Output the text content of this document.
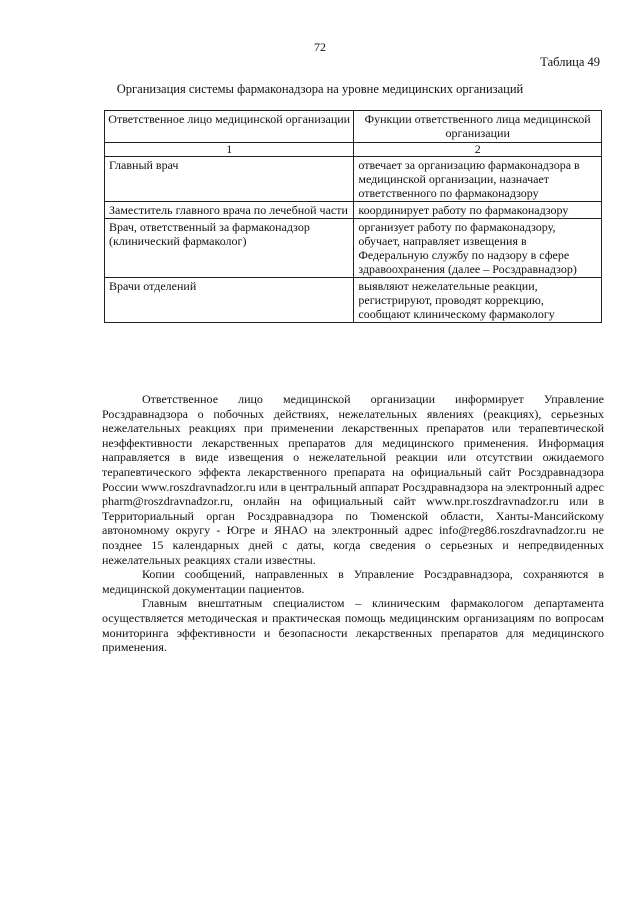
72
Таблица 49
Организация системы фармаконадзора на уровне медицинских организаций
Ответственное лицо медицинской организации	Функции ответственного лица медицинской организации
1	2
Главный врач	отвечает за организацию фармаконадзора в медицинской организации, назначает ответственного по фармаконадзору
Заместитель главного врача по лечебной части	координирует работу по фармаконадзору
Врач, ответственный за фармаконадзор (клинический фармаколог)	организует работу по фармаконадзору, обучает, направляет извещения в Федеральную службу по надзору в сфере здравоохранения (далее – Росздравнадзор)
Врачи отделений	выявляют нежелательные реакции, регистрируют, проводят коррекцию, сообщают клиническому фармакологу

Ответственное лицо медицинской организации информирует Управление Росздравнадзора о побочных действиях, нежелательных явлениях (реакциях), серьезных нежелательных реакциях при применении лекарственных препаратов или терапевтической неэффективности лекарственных препаратов для медицинского применения. Информация направляется в виде извещения о нежелательной реакции или отсутствии ожидаемого терапевтического эффекта лекарственного препарата на официальный сайт Росздравнадзора России www.roszdravnadzor.ru или в центральный аппарат Росздравнадзора на электронный адрес pharm@roszdravnadzor.ru, онлайн на официальный сайт www.npr.roszdravnadzor.ru или в Территориальный орган Росздравнадзора по Тюменской области, Ханты-Мансийскому автономному округу - Югре и ЯНАО на электронный адрес info@reg86.roszdravnadzor.ru не позднее 15 календарных дней с даты, когда сведения о серьезных и непредвиденных нежелательных реакциях стали известны.

Копии сообщений, направленных в Управление Росздравнадзора, сохраняются в медицинской документации пациентов.

Главным внештатным специалистом – клиническим фармакологом департамента осуществляется методическая и практическая помощь медицинским организациям по вопросам мониторинга эффективности и безопасности лекарственных препаратов для медицинского применения.
